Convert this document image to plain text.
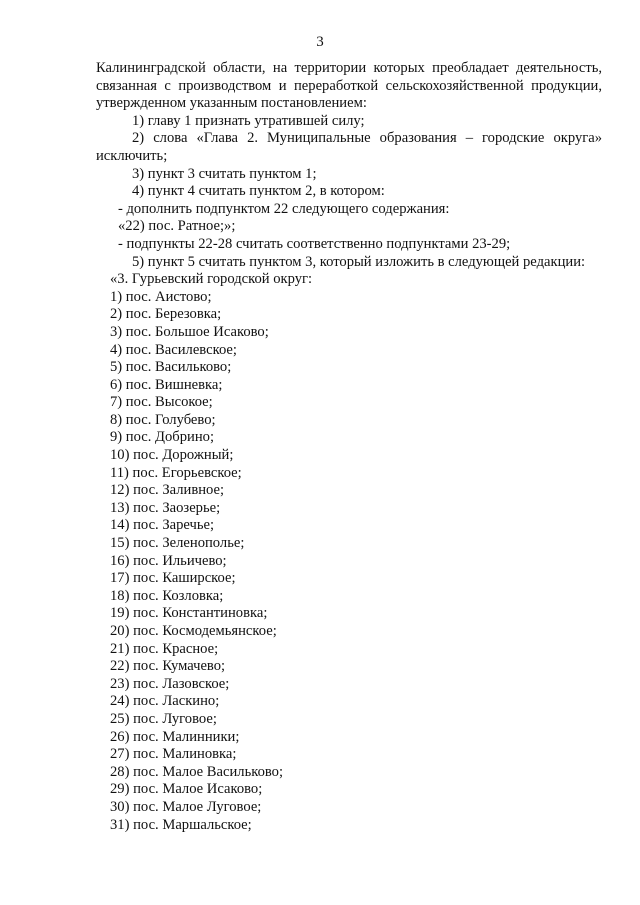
3
Калининградской области, на территории которых преобладает деятельность,
связанная с производством и переработкой сельскохозяйственной продукции,
утвержденном указанным постановлением:
1) главу 1 признать утратившей силу;
2) слова «Глава 2. Муниципальные образования – городские округа»
исключить;
3) пункт 3 считать пунктом 1;
4) пункт 4 считать пунктом 2, в котором:
- дополнить подпунктом 22 следующего содержания:
«22) пос. Ратное;»;
- подпункты 22-28 считать соответственно подпунктами 23-29;
5) пункт 5 считать пунктом 3, который изложить в следующей редакции:
«3. Гурьевский городской округ:
1) пос. Аистово;
2) пос. Березовка;
3) пос. Большое Исаково;
4) пос. Василевское;
5) пос. Васильково;
6) пос. Вишневка;
7) пос. Высокое;
8) пос. Голубево;
9) пос. Добрино;
10) пос. Дорожный;
11) пос. Егорьевское;
12) пос. Заливное;
13) пос. Заозерье;
14) пос. Заречье;
15) пос. Зеленополье;
16) пос. Ильичево;
17) пос. Каширское;
18) пос. Козловка;
19) пос. Константиновка;
20) пос. Космодемьянское;
21) пос. Красное;
22) пос. Кумачево;
23) пос. Лазовское;
24) пос. Ласкино;
25) пос. Луговое;
26) пос. Малинники;
27) пос. Малиновка;
28) пос. Малое Васильково;
29) пос. Малое Исаково;
30) пос. Малое Луговое;
31) пос. Маршальское;
